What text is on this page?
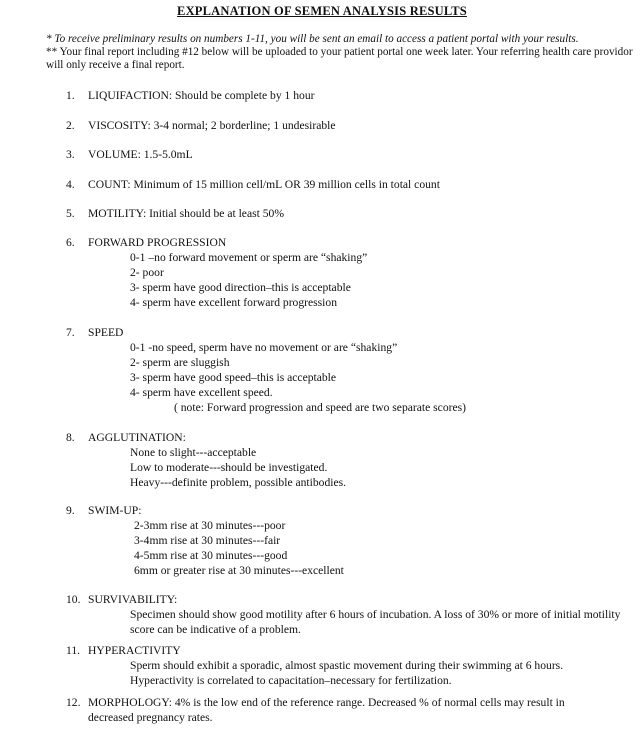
EXPLANATION OF SEMEN ANALYSIS RESULTS
* To receive preliminary results on numbers 1-11, you will be sent an email to access a patient portal with your results.
** Your final report including #12 below will be uploaded to your patient portal one week later. Your referring health care providor will only receive a final report.
1. LIQUIFACTION: Should be complete by 1 hour
2. VISCOSITY: 3-4 normal; 2 borderline; 1 undesirable
3. VOLUME: 1.5-5.0mL
4. COUNT: Minimum of 15 million cell/mL OR 39 million cells in total count
5. MOTILITY: Initial should be at least 50%
6. FORWARD PROGRESSION
0-1 –no forward movement or sperm are “shaking”
2- poor
3- sperm have good direction–this is acceptable
4- sperm have excellent forward progression
7. SPEED
0-1 -no speed, sperm have no movement or are “shaking”
2- sperm are sluggish
3- sperm have good speed–this is acceptable
4- sperm have excellent speed.
( note: Forward progression and speed are two separate scores)
8. AGGLUTINATION:
None to slight---acceptable
Low to moderate---should be investigated.
Heavy---definite problem, possible antibodies.
9. SWIM-UP:
2-3mm rise at 30 minutes---poor
3-4mm rise at 30 minutes---fair
4-5mm rise at 30 minutes---good
6mm or greater rise at 30 minutes---excellent
10. SURVIVABILITY:
Specimen should show good motility after 6 hours of incubation. A loss of 30% or more of initial motility score can be indicative of a problem.
11. HYPERACTIVITY
Sperm should exhibit a sporadic, almost spastic movement during their swimming at 6 hours. Hyperactivity is correlated to capacitation–necessary for fertilization.
12. MORPHOLOGY: 4% is the low end of the reference range. Decreased % of normal cells may result in decreased pregnancy rates.
